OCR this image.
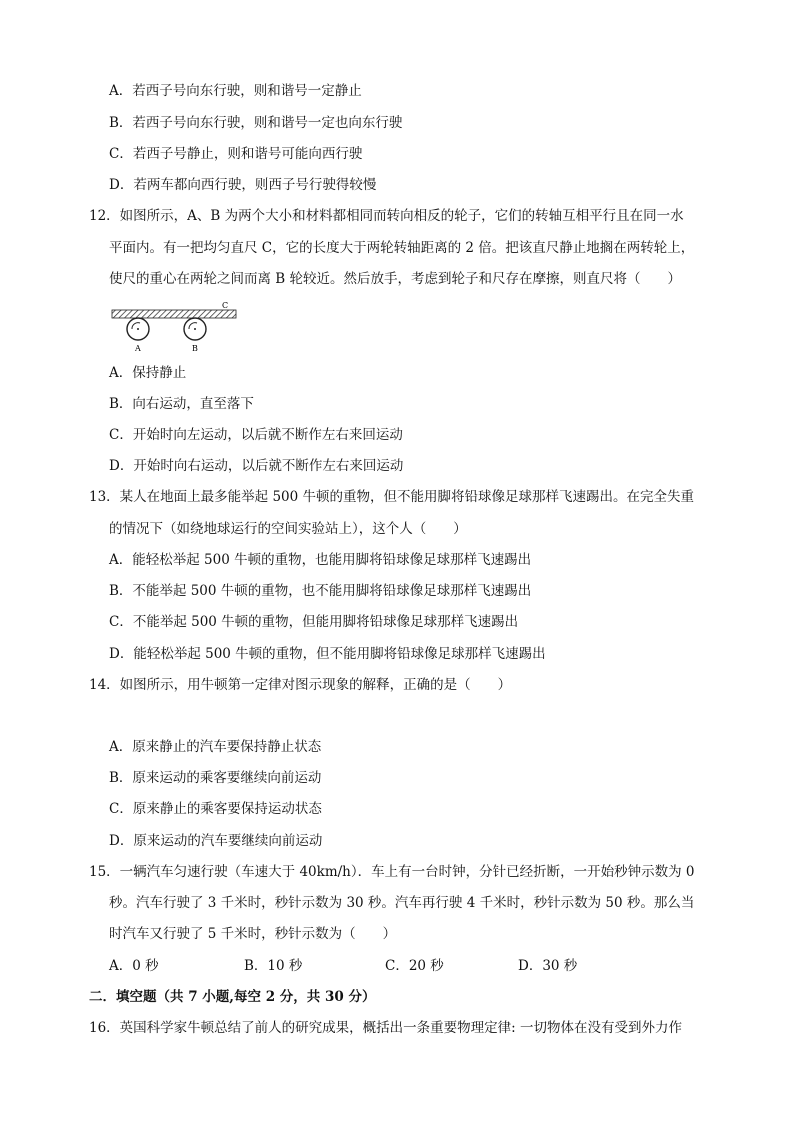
A．若西子号向东行驶，则和谐号一定静止
B．若西子号向东行驶，则和谐号一定也向东行驶
C．若西子号静止，则和谐号可能向西行驶
D．若两车都向西行驶，则西子号行驶得较慢
12．如图所示，A、B 为两个大小和材料都相同而转向相反的轮子，它们的转轴互相平行且在同一水
平面内。有一把均匀直尺 C，它的长度大于两轮转轴距离的 2 倍。把该直尺静止地搁在两转轮上，
使尺的重心在两轮之间而离 B 轮较近。然后放手，考虑到轮子和尺存在摩擦，则直尺将（　　）
A	B
C
A．保持静止
B．向右运动，直至落下
C．开始时向左运动，以后就不断作左右来回运动
D．开始时向右运动，以后就不断作左右来回运动
13．某人在地面上最多能举起 500 牛顿的重物，但不能用脚将铅球像足球那样飞速踢出。在完全失重
的情况下（如绕地球运行的空间实验站上），这个人（　　）
A．能轻松举起 500 牛顿的重物，也能用脚将铅球像足球那样飞速踢出
B．不能举起 500 牛顿的重物，也不能用脚将铅球像足球那样飞速踢出
C．不能举起 500 牛顿的重物，但能用脚将铅球像足球那样飞速踢出
D．能轻松举起 500 牛顿的重物，但不能用脚将铅球像足球那样飞速踢出
14．如图所示，用牛顿第一定律对图示现象的解释，正确的是（　　）
A．原来静止的汽车要保持静止状态
B．原来运动的乘客要继续向前运动
C．原来静止的乘客要保持运动状态
D．原来运动的汽车要继续向前运动
15．一辆汽车匀速行驶（车速大于 40km/h）．车上有一台时钟，分针已经折断，一开始秒钟示数为 0
秒。汽车行驶了 3 千米时，秒针示数为 30 秒。汽车再行驶 4 千米时，秒针示数为 50 秒。那么当
时汽车又行驶了 5 千米时，秒针示数为（　　）
A．0 秒	B．10 秒	C．20 秒	D．30 秒
二．填空题（共 7 小题,每空 2 分，共 30 分）
16．英国科学家牛顿总结了前人的研究成果，概括出一条重要物理定律: 一切物体在没有受到外力作
